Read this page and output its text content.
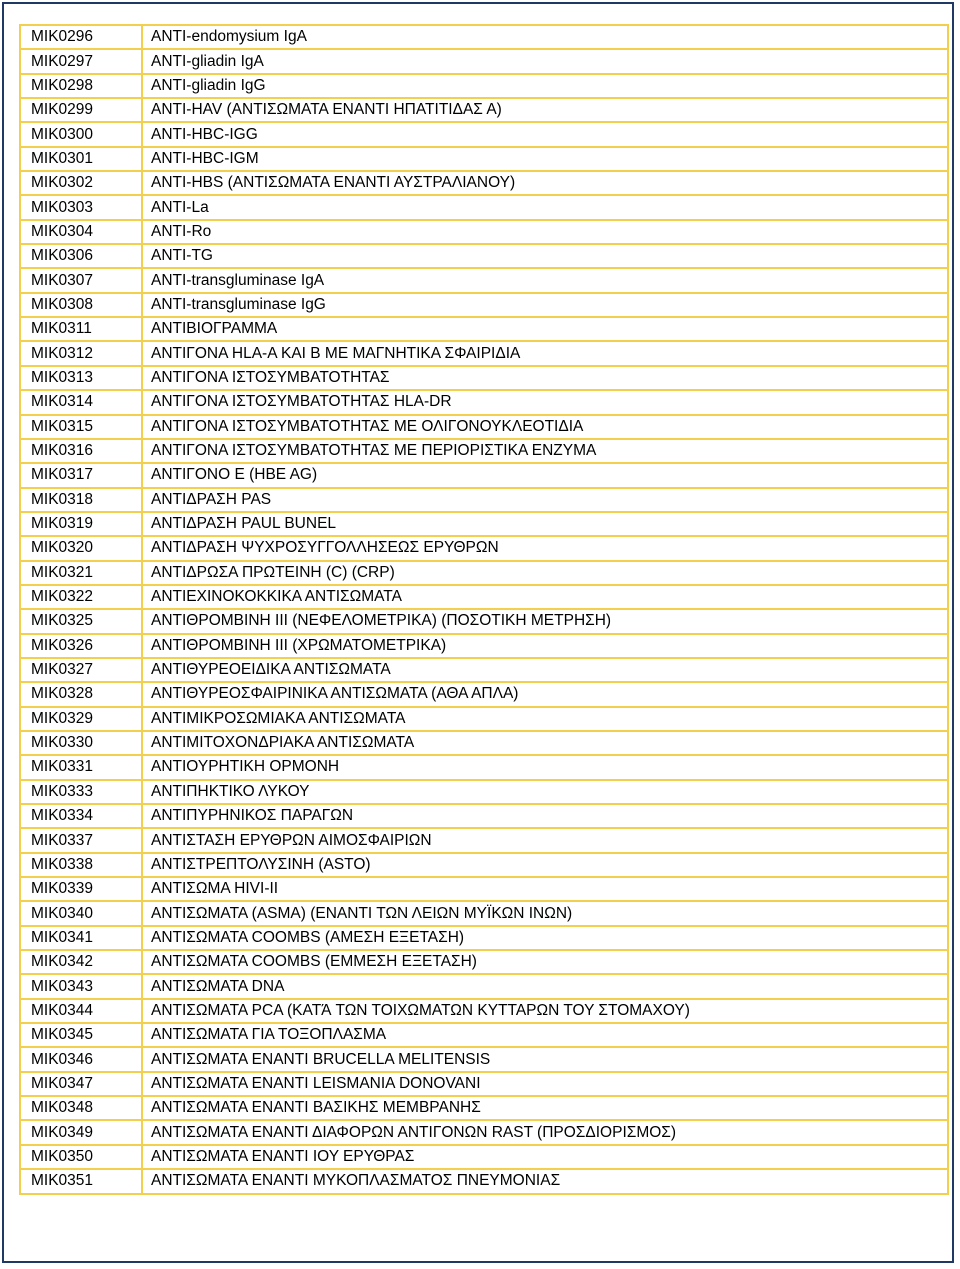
ΜΙΚ0296	ANTI-endomysium IgA
ΜΙΚ0297	ANTI-gliadin IgA
ΜΙΚ0298	ANTI-gliadin IgG
ΜΙΚ0299	ANTI-HAV (ΑΝΤΙΣΩΜΑΤΑ ΕΝΑΝΤΙ ΗΠΑΤΙΤΙΔΑΣ Α)
ΜΙΚ0300	ANTI-HBC-IGG
ΜΙΚ0301	ANTI-HBC-IGM
ΜΙΚ0302	ANTI-HBS (ΑΝΤΙΣΩΜΑΤΑ ΕΝΑΝΤΙ ΑΥΣΤΡΑΛΙΑΝΟΥ)
ΜΙΚ0303	ANTI-La
ΜΙΚ0304	ANTI-Ro
ΜΙΚ0306	ANTI-TG
ΜΙΚ0307	ANTI-transgluminase IgA
ΜΙΚ0308	ANTI-transgluminase IgG
ΜΙΚ0311	ΑΝΤΙΒΙΟΓΡΑΜΜΑ
ΜΙΚ0312	ΑΝΤΙΓΟΝΑ HLA-A ΚΑΙ Β ΜΕ ΜΑΓΝΗΤΙΚΑ ΣΦΑΙΡΙΔΙΑ
ΜΙΚ0313	ΑΝΤΙΓΟΝΑ ΙΣΤΟΣΥΜΒΑΤΟΤΗΤΑΣ
ΜΙΚ0314	ΑΝΤΙΓΟΝΑ ΙΣΤΟΣΥΜΒΑΤΟΤΗΤΑΣ HLA-DR
ΜΙΚ0315	ΑΝΤΙΓΟΝΑ ΙΣΤΟΣΥΜΒΑΤΟΤΗΤΑΣ ΜΕ ΟΛΙΓΟΝΟΥΚΛΕΟΤΙΔΙΑ
ΜΙΚ0316	ΑΝΤΙΓΟΝΑ ΙΣΤΟΣΥΜΒΑΤΟΤΗΤΑΣ ΜΕ ΠΕΡΙΟΡΙΣΤΙΚΑ ΕΝΖΥΜΑ
ΜΙΚ0317	ΑΝΤΙΓΟΝΟ Ε (HBE AG)
ΜΙΚ0318	ΑΝΤΙΔΡΑΣΗ PAS
ΜΙΚ0319	ΑΝΤΙΔΡΑΣΗ PAUL BUNEL
ΜΙΚ0320	ΑΝΤΙΔΡΑΣΗ ΨΥΧΡΟΣΥΓΓΟΛΛΗΣΕΩΣ ΕΡΥΘΡΩΝ
ΜΙΚ0321	ΑΝΤΙΔΡΩΣΑ ΠΡΩΤΕΙΝΗ (C) (CRP)
ΜΙΚ0322	ΑΝΤΙΕΧΙΝΟΚΟΚΚΙΚΑ ΑΝΤΙΣΩΜΑΤΑ
ΜΙΚ0325	ΑΝΤΙΘΡΟΜΒΙΝΗ ΙΙΙ (ΝΕΦΕΛΟΜΕΤΡΙΚΑ) (ΠΟΣΟΤΙΚΗ ΜΕΤΡΗΣΗ)
ΜΙΚ0326	ΑΝΤΙΘΡΟΜΒΙΝΗ ΙΙΙ (ΧΡΩΜΑΤΟΜΕΤΡΙΚΑ)
ΜΙΚ0327	ΑΝΤΙΘΥΡΕΟΕΙΔΙΚΑ ΑΝΤΙΣΩΜΑΤΑ
ΜΙΚ0328	ΑΝΤΙΘΥΡΕΟΣΦΑΙΡΙΝΙΚΑ ΑΝΤΙΣΩΜΑΤΑ (ΑΘΑ ΑΠΛΑ)
ΜΙΚ0329	ΑΝΤΙΜΙΚΡΟΣΩΜΙΑΚΑ ΑΝΤΙΣΩΜΑΤΑ
ΜΙΚ0330	ΑΝΤΙΜΙΤΟΧΟΝΔΡΙΑΚΑ ΑΝΤΙΣΩΜΑΤΑ
ΜΙΚ0331	ΑΝΤΙΟΥΡΗΤΙΚΗ ΟΡΜΟΝΗ
ΜΙΚ0333	ΑΝΤΙΠΗΚΤΙΚΟ ΛΥΚΟΥ
ΜΙΚ0334	ΑΝΤΙΠΥΡΗΝΙΚΟΣ ΠΑΡΑΓΩΝ
ΜΙΚ0337	ΑΝΤΙΣΤΑΣΗ ΕΡΥΘΡΩΝ ΑΙΜΟΣΦΑΙΡΙΩΝ
ΜΙΚ0338	ΑΝΤΙΣΤΡΕΠΤΟΛΥΣΙΝΗ (ASTO)
ΜΙΚ0339	ΑΝΤΙΣΩΜΑ HIVI-II
ΜΙΚ0340	ΑΝΤΙΣΩΜΑΤΑ (ASMA) (ΕΝΑΝΤΙ ΤΩΝ ΛΕΙΩΝ ΜΥΪΚΩΝ ΙΝΩΝ)
ΜΙΚ0341	ΑΝΤΙΣΩΜΑΤΑ COOMBS (ΑΜΕΣΗ ΕΞΕΤΑΣΗ)
ΜΙΚ0342	ΑΝΤΙΣΩΜΑΤΑ COOMBS (ΕΜΜΕΣΗ ΕΞΕΤΑΣΗ)
ΜΙΚ0343	ΑΝΤΙΣΩΜΑΤΑ DNA
ΜΙΚ0344	ΑΝΤΙΣΩΜΑΤΑ PCA (ΚΑΤΆ ΤΩΝ ΤΟΙΧΩΜΑΤΩΝ ΚΥΤΤΑΡΩΝ ΤΟΥ ΣΤΟΜΑΧΟΥ)
ΜΙΚ0345	ΑΝΤΙΣΩΜΑΤΑ ΓΙΑ ΤΟΞΟΠΛΑΣΜΑ
ΜΙΚ0346	ΑΝΤΙΣΩΜΑΤΑ ΕΝΑΝΤΙ BRUCELLA MELITENSIS
ΜΙΚ0347	ΑΝΤΙΣΩΜΑΤΑ ΕΝΑΝΤΙ LEISMANIA DONOVANI
ΜΙΚ0348	ΑΝΤΙΣΩΜΑΤΑ ΕΝΑΝΤΙ ΒΑΣΙΚΗΣ ΜΕΜΒΡΑΝΗΣ
ΜΙΚ0349	ΑΝΤΙΣΩΜΑΤΑ ΕΝΑΝΤΙ ΔΙΑΦΟΡΩΝ ΑΝΤΙΓΟΝΩΝ RAST (ΠΡΟΣΔΙΟΡΙΣΜΟΣ)
ΜΙΚ0350	ΑΝΤΙΣΩΜΑΤΑ ΕΝΑΝΤΙ ΙΟΥ ΕΡΥΘΡΑΣ
ΜΙΚ0351	ΑΝΤΙΣΩΜΑΤΑ ΕΝΑΝΤΙ ΜΥΚΟΠΛΑΣΜΑΤΟΣ ΠΝΕΥΜΟΝΙΑΣ
